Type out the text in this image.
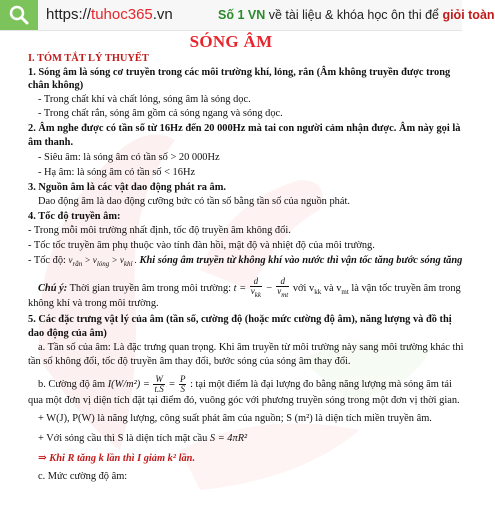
https://tuhoc365.vn	Số 1 VN về tài liệu & khóa học ôn thi để giỏi toàn
SÓNG ÂM
I. TÓM TẮT LÝ THUYẾT
1. Sóng âm là sóng cơ truyền trong các môi trường khí, lỏng, rắn (Âm không truyền được trong
chân không)
- Trong chất khí và chất lỏng, sóng âm là sóng dọc.
- Trong chất rắn, sóng âm gồm cả sóng ngang và sóng dọc.
2. Âm nghe được có tần số từ 16Hz đến 20 000Hz mà tai con người cảm nhận được. Âm này gọi là
âm thanh.
- Siêu âm: là sóng âm có tần số > 20 000Hz
- Hạ âm: là sóng âm có tần số < 16Hz
3. Nguồn âm là các vật dao động phát ra âm.
Dao động âm là dao động cưỡng bức có tần số bằng tần số của nguồn phát.
4. Tốc độ truyền âm:
- Trong mỗi môi trường nhất định, tốc độ truyền âm không đổi.
- Tốc tốc truyền âm phụ thuộc vào tính đàn hồi, mật độ và nhiệt độ của môi trường.
- Tốc độ: $v_{rắn} > v_{lỏng} > v_{khí}$ . Khi sóng âm truyền từ không khí vào nước thì vận tốc tăng bước sóng tăng
Chú ý: Thời gian truyền âm trong môi trường: $t = \frac{d}{v_{kk}} - \frac{d}{v_{mt}}$ với $v_{kk}$ và $v_{mt}$ là vận tốc truyền âm trong
không khí và trong môi trường.
5. Các đặc trưng vật lý của âm (tần số, cường độ (hoặc mức cường độ âm), năng lượng và đồ thị
dao động của âm)
a. Tần số của âm: Là đặc trưng quan trọng. Khi âm truyền từ môi trường này sang môi trường khác thì
tần số không đổi, tốc độ truyền âm thay đổi, bước sóng của sóng âm thay đổi.
b. Cường độ âm $I(W/m^2) = \frac{W}{t.S} = \frac{P}{S}$ : tại một điểm là đại lượng đo bằng năng lượng mà sóng âm tải
qua một đơn vị diện tích đặt tại điểm đó, vuông góc với phương truyền sóng trong một đơn vị thời gian.
+ W(J), P(W) là năng lượng, công suất phát âm của nguồn; S (m²) là diện tích miền truyền âm.
+ Với sóng cầu thì S là diện tích mặt cầu S = 4πR²
⇒ Khi R tăng k lần thì I giảm k² lần.
c. Mức cường độ âm:
